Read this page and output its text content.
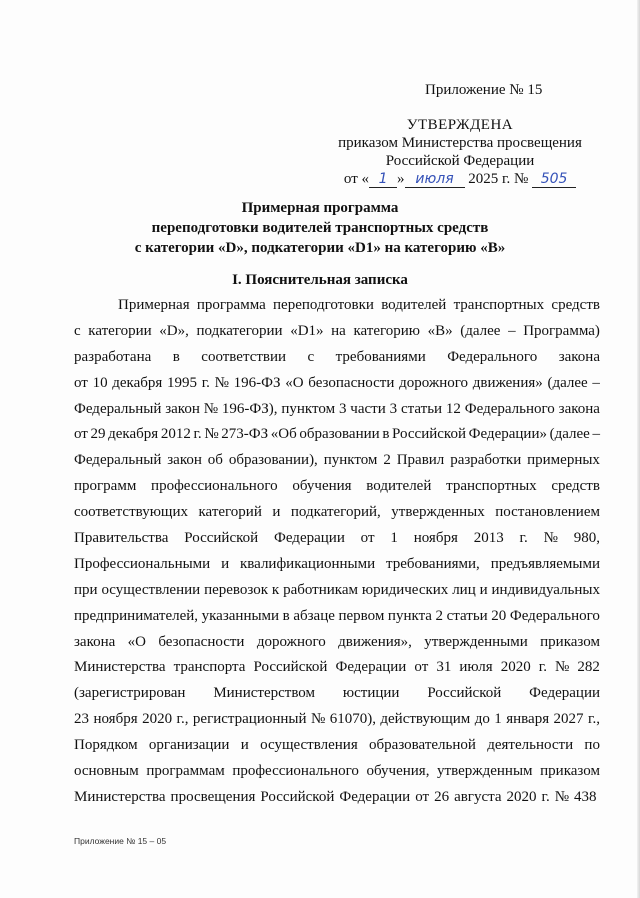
Приложение № 15
УТВЕРЖДЕНА
приказом Министерства просвещения
Российской Федерации
от « 1 » июля 2025 г. № 505
Примерная программа
переподготовки водителей транспортных средств
с категории «D», подкатегории «D1» на категорию «В»
I. Пояснительная записка
Примерная программа переподготовки водителей транспортных средств
с категории «D», подкатегории «D1» на категорию «В» (далее – Программа)
разработана в соответствии с требованиями Федерального закона
от 10 декабря 1995 г. № 196-ФЗ «О безопасности дорожного движения» (далее –
Федеральный закон № 196-ФЗ), пунктом 3 части 3 статьи 12 Федерального закона
от 29 декабря 2012 г. № 273-ФЗ «Об образовании в Российской Федерации» (далее –
Федеральный закон об образовании), пунктом 2 Правил разработки примерных
программ профессионального обучения водителей транспортных средств
соответствующих категорий и подкатегорий, утвержденных постановлением
Правительства Российской Федерации от 1 ноября 2013 г. № 980,
Профессиональными и квалификационными требованиями, предъявляемыми
при осуществлении перевозок к работникам юридических лиц и индивидуальных
предпринимателей, указанными в абзаце первом пункта 2 статьи 20 Федерального
закона «О безопасности дорожного движения», утвержденными приказом
Министерства транспорта Российской Федерации от 31 июля 2020 г. № 282
(зарегистрирован Министерством юстиции Российской Федерации
23 ноября 2020 г., регистрационный № 61070), действующим до 1 января 2027 г.,
Порядком организации и осуществления образовательной деятельности по
основным программам профессионального обучения, утвержденным приказом
Министерства просвещения Российской Федерации от 26 августа 2020 г. № 438
Приложение № 15 – 05
